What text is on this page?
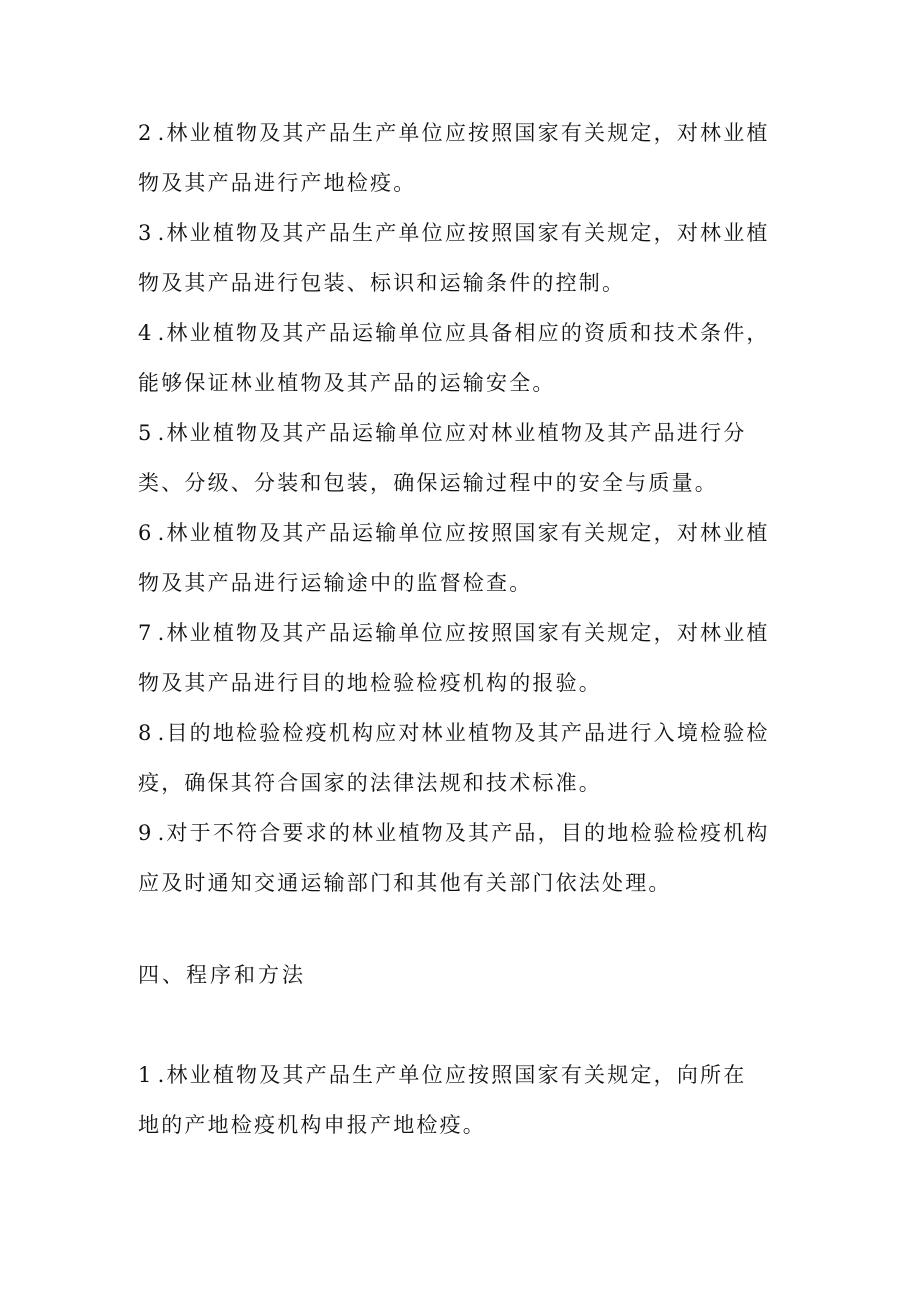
2 .林业植物及其产品生产单位应按照国家有关规定，对林业植
物及其产品进行产地检疫。
3 .林业植物及其产品生产单位应按照国家有关规定，对林业植
物及其产品进行包装、标识和运输条件的控制。
4 .林业植物及其产品运输单位应具备相应的资质和技术条件，
能够保证林业植物及其产品的运输安全。
5 .林业植物及其产品运输单位应对林业植物及其产品进行分
类、分级、分装和包装，确保运输过程中的安全与质量。
6 .林业植物及其产品运输单位应按照国家有关规定，对林业植
物及其产品进行运输途中的监督检查。
7 .林业植物及其产品运输单位应按照国家有关规定，对林业植
物及其产品进行目的地检验检疫机构的报验。
8 .目的地检验检疫机构应对林业植物及其产品进行入境检验检
疫，确保其符合国家的法律法规和技术标准。
9 .对于不符合要求的林业植物及其产品，目的地检验检疫机构
应及时通知交通运输部门和其他有关部门依法处理。
四、程序和方法
1 .林业植物及其产品生产单位应按照国家有关规定，向所在
地的产地检疫机构申报产地检疫。
